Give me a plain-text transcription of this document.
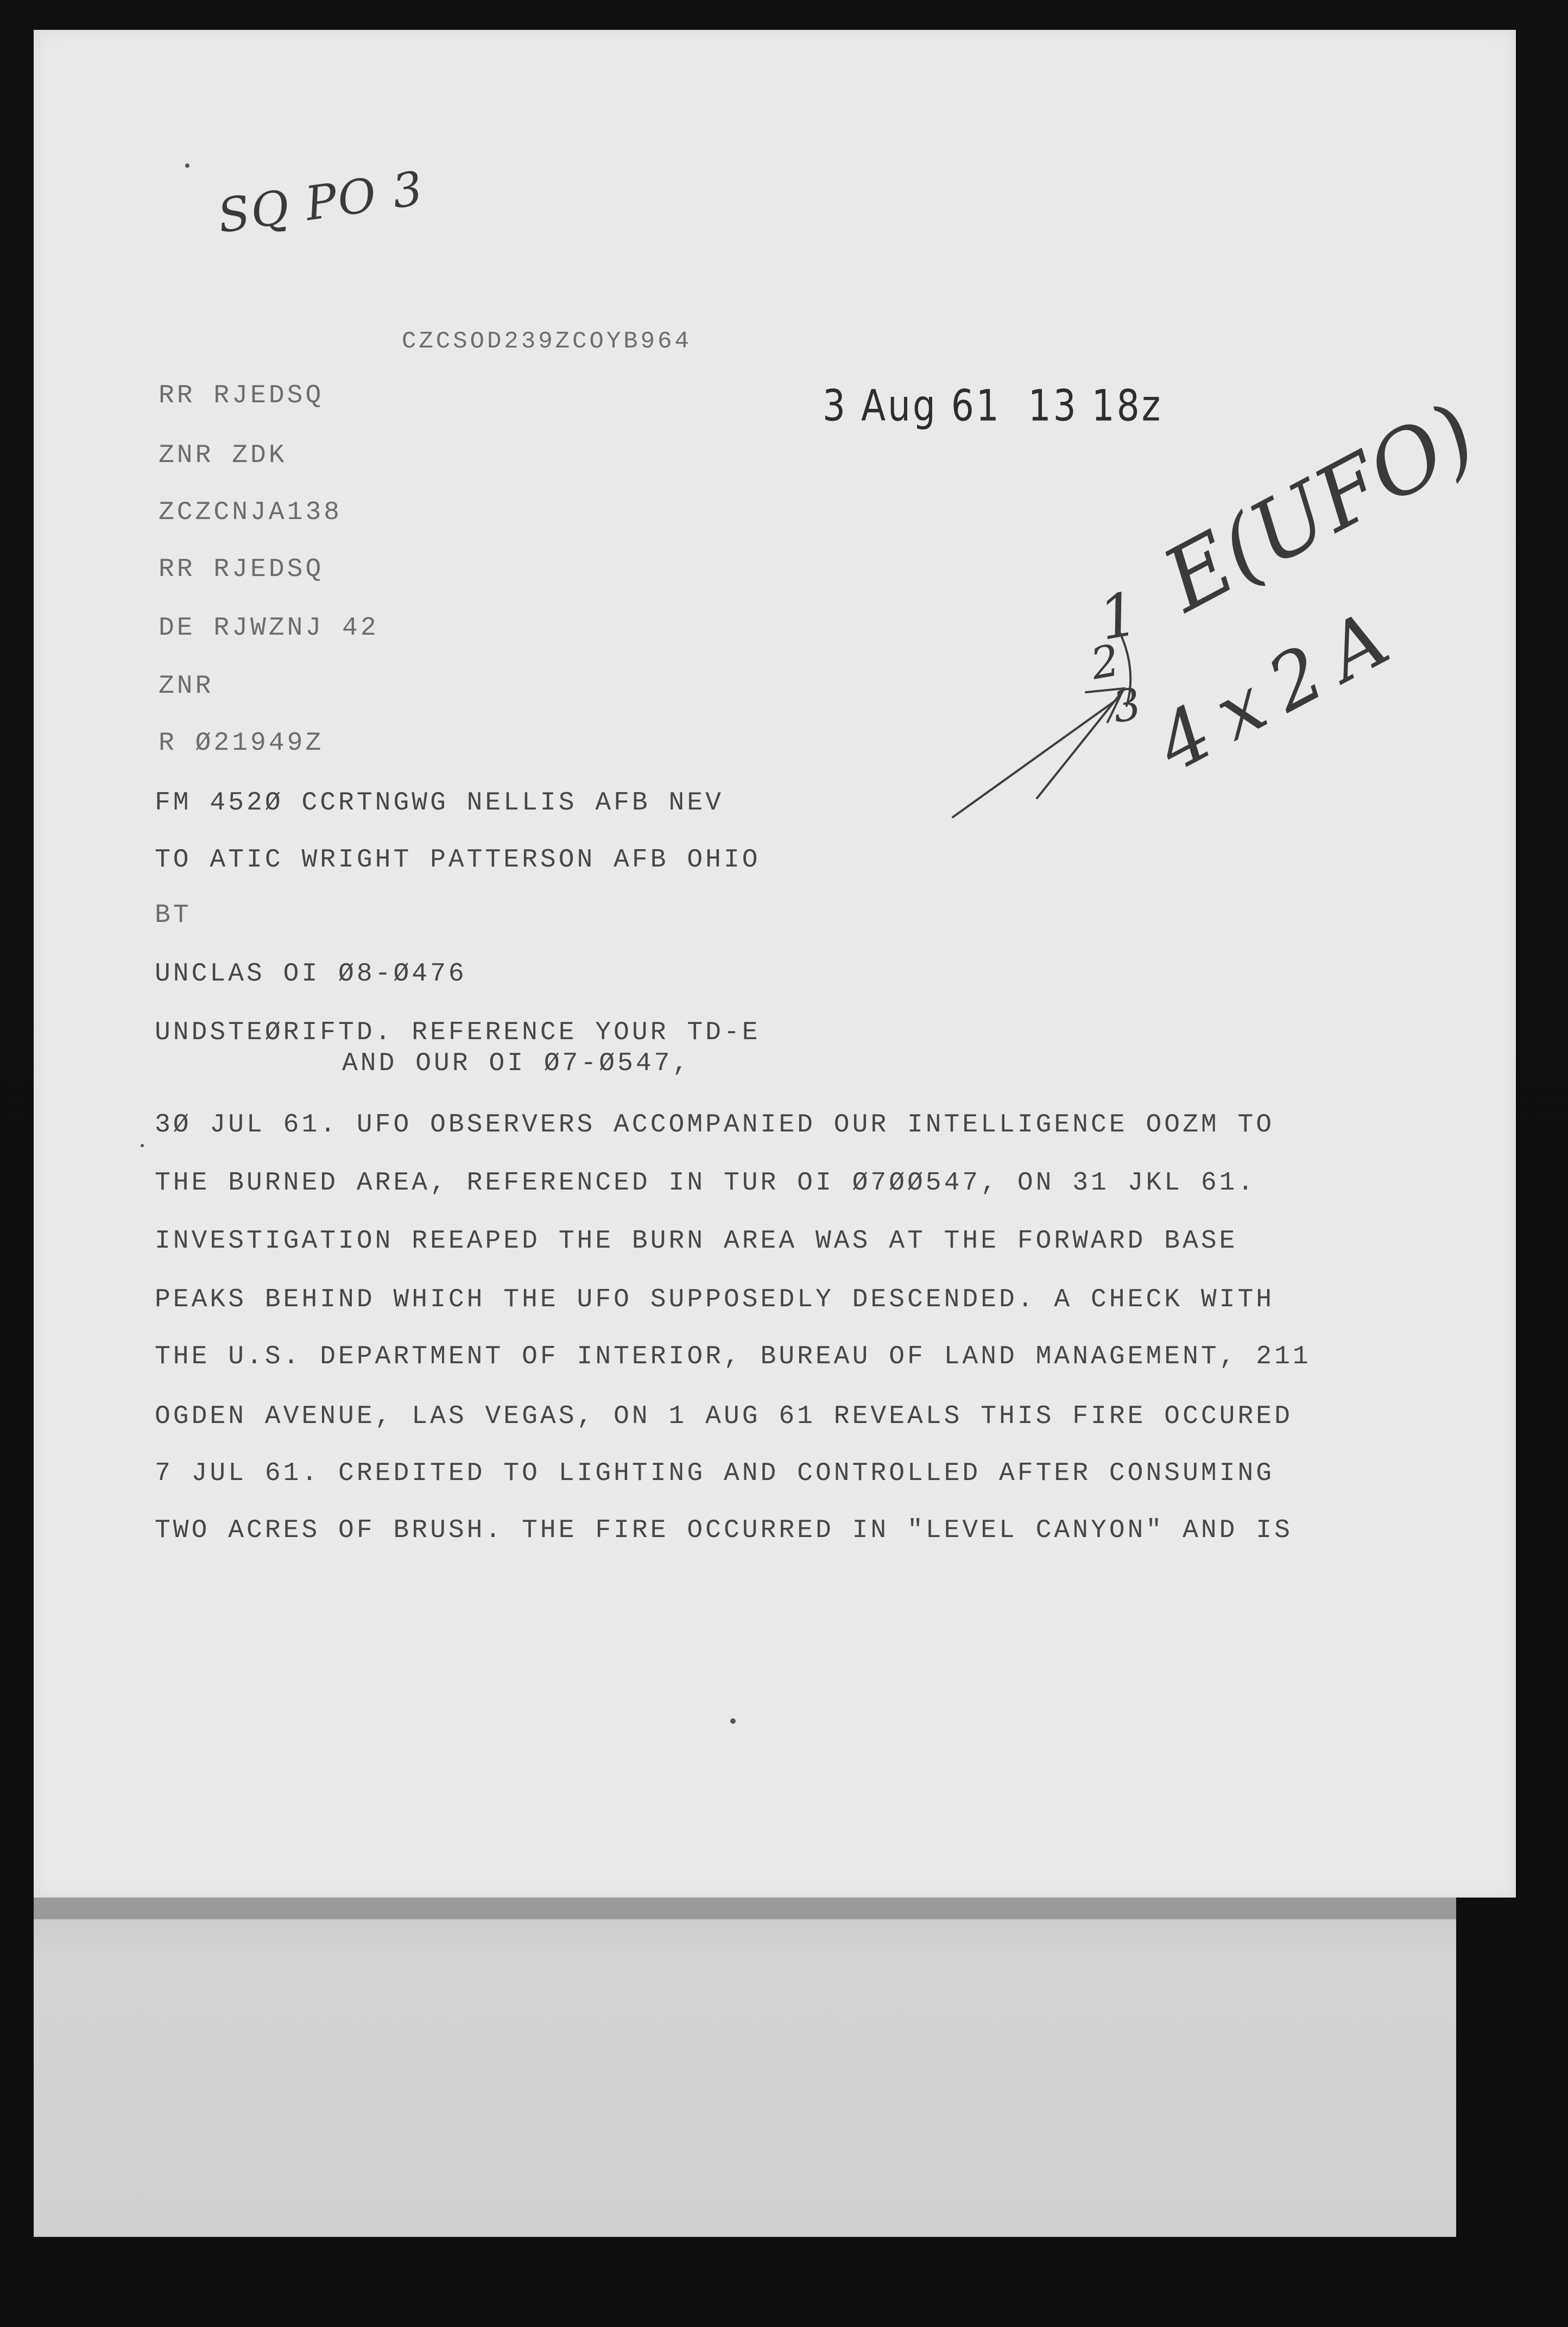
SQ PO 3
CZCSOD239ZCOYB964
3 Aug 61  13 18z
RR RJEDSQ
ZNR ZDK
ZCZCNJA138
RR RJEDSQ
DE RJWZNJ 42
ZNR
R Ø21949Z
FM 452Ø CCRTNGWG NELLIS AFB NEV
TO ATIC WRIGHT PATTERSON AFB OHIO
BT
UNCLAS OI Ø8-Ø476
UNDSTEØRIFTD. REFERENCE YOUR TD-E
AND OUR OI Ø7-Ø547,
3Ø JUL 61. UFO OBSERVERS ACCOMPANIED OUR INTELLIGENCE OOZM TO
THE BURNED AREA, REFERENCED IN TUR OI Ø7ØØ547, ON 31 JKL 61.
INVESTIGATION REEAPED THE BURN AREA WAS AT THE FORWARD BASE
PEAKS BEHIND WHICH THE UFO SUPPOSEDLY DESCENDED. A CHECK WITH
THE U.S. DEPARTMENT OF INTERIOR, BUREAU OF LAND MANAGEMENT, 211
OGDEN AVENUE, LAS VEGAS, ON 1 AUG 61 REVEALS THIS FIRE OCCURED
7 JUL 61. CREDITED TO LIGHTING AND CONTROLLED AFTER CONSUMING
TWO ACRES OF BRUSH. THE FIRE OCCURRED IN "LEVEL CANYON" AND IS
1
2
3
E(UFO)
4 x 2 A
